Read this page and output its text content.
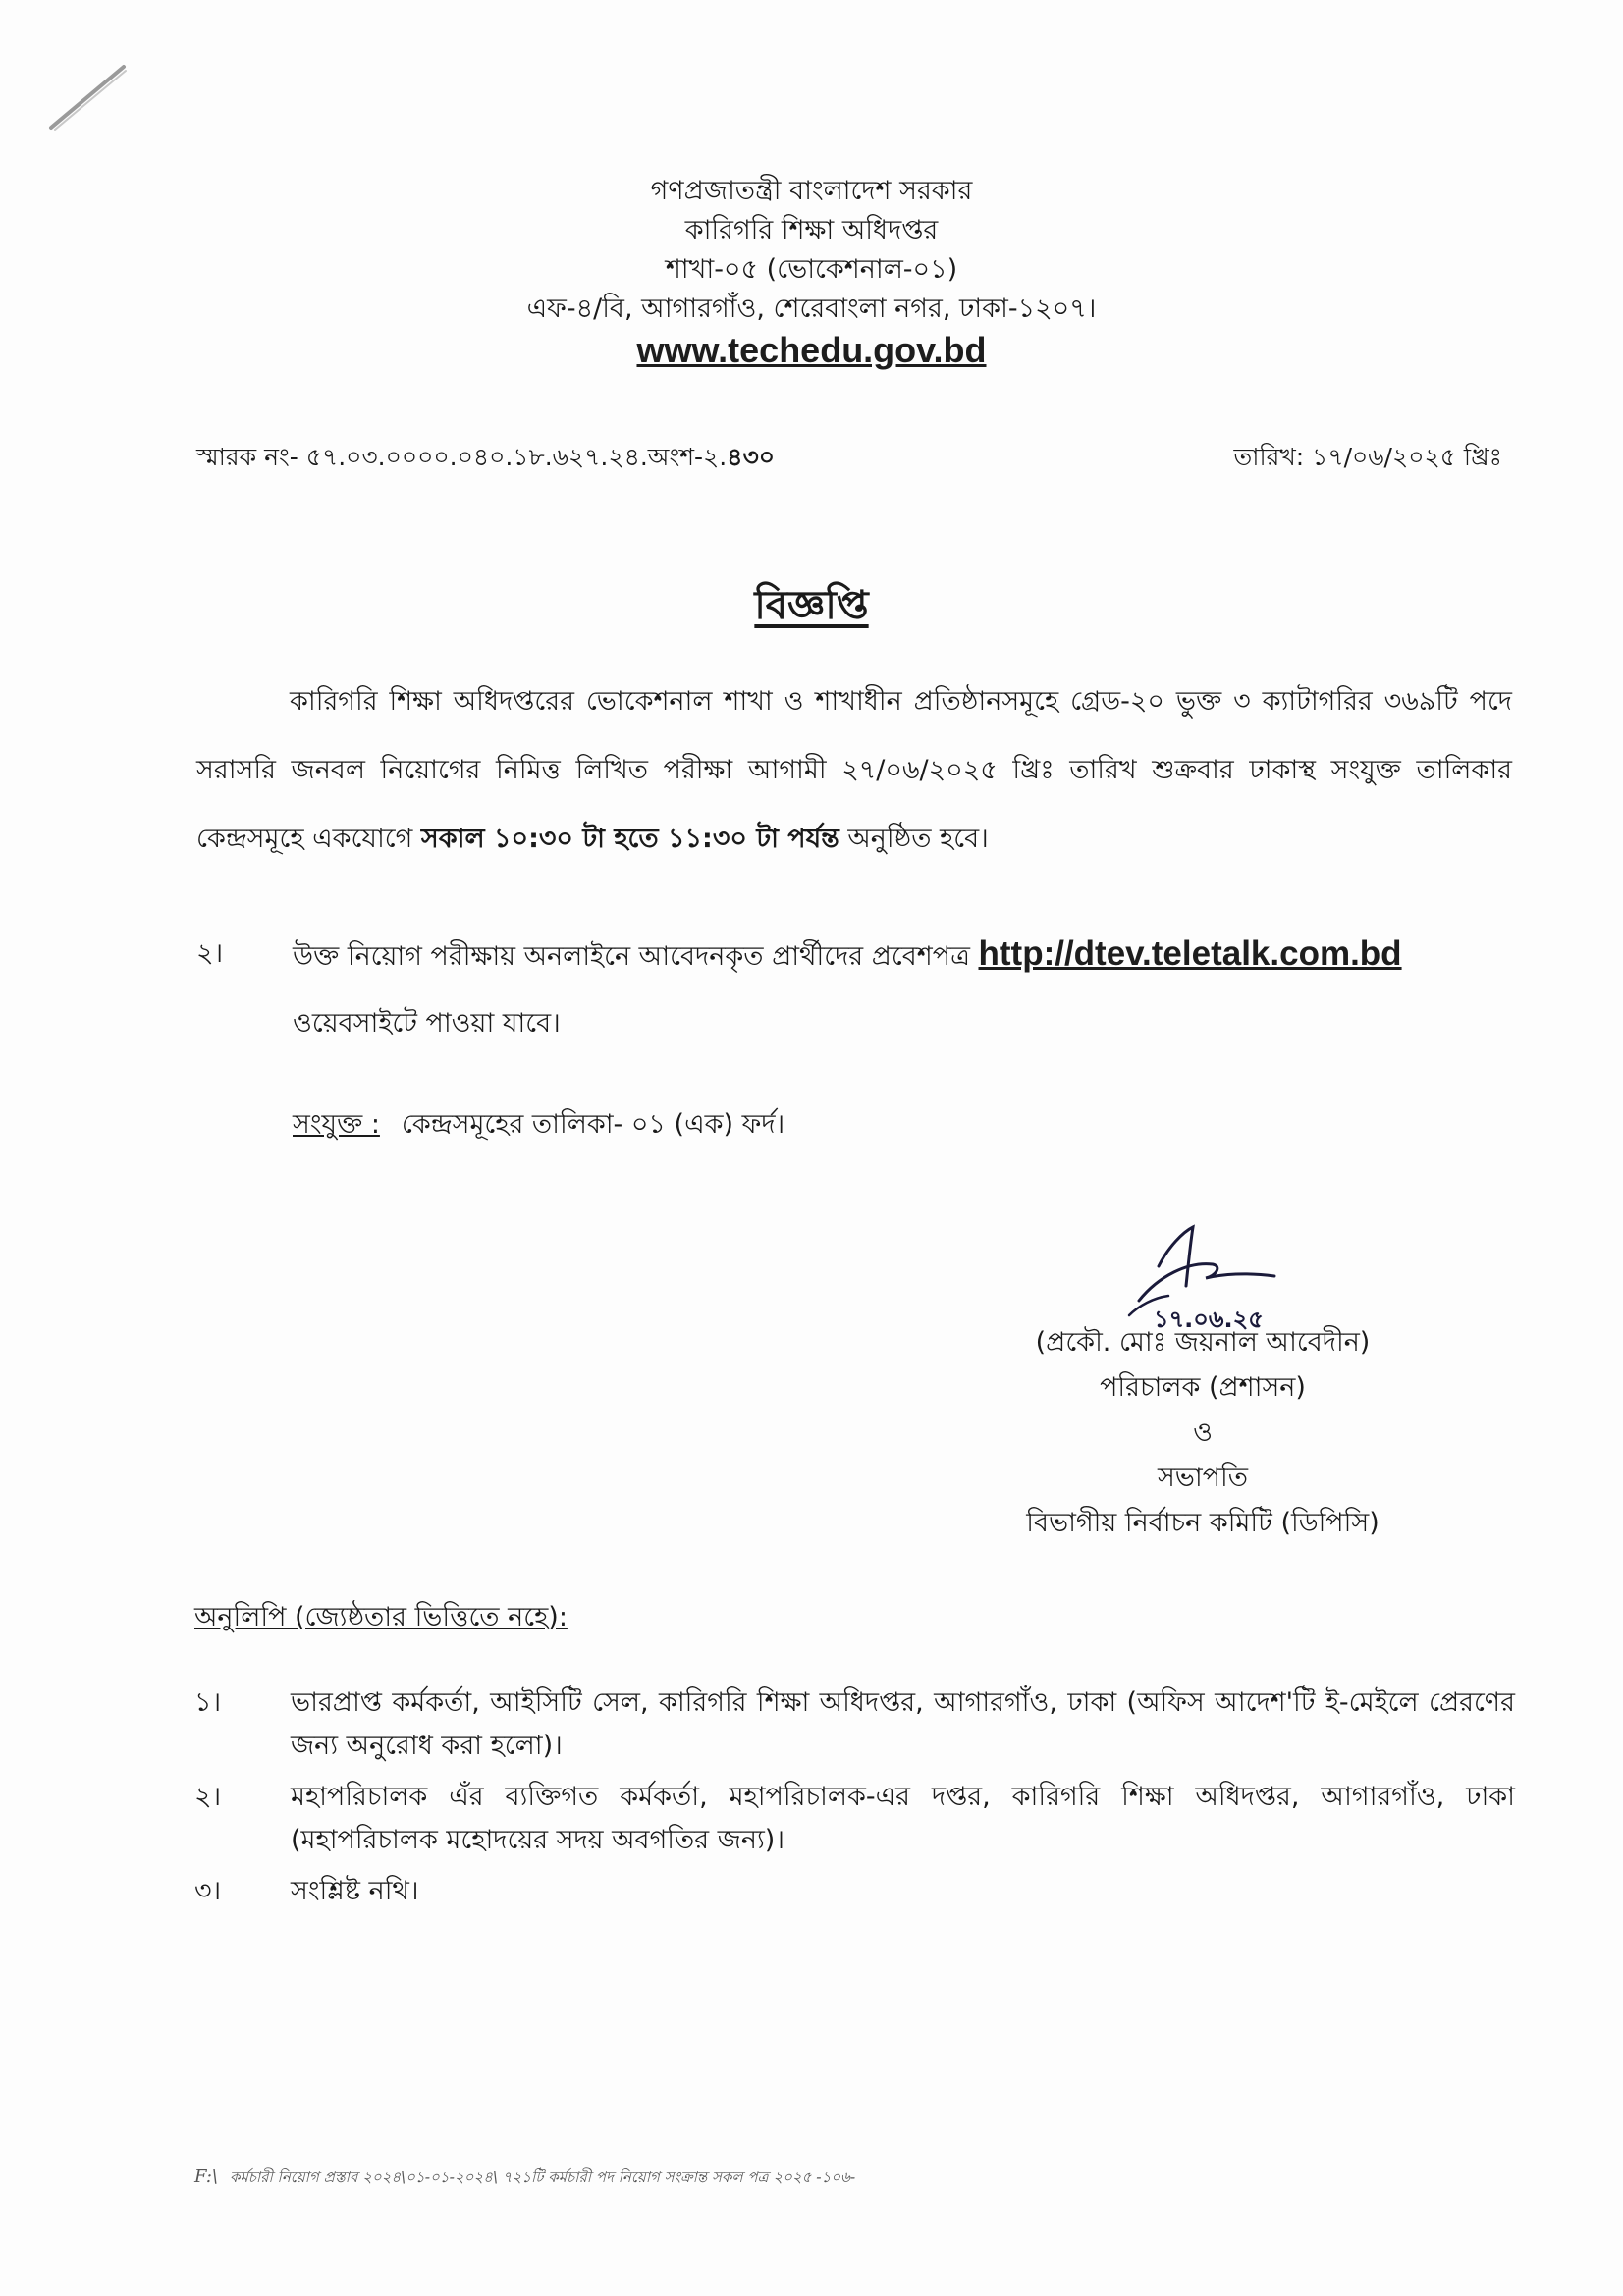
গণপ্রজাতন্ত্রী বাংলাদেশ সরকার
কারিগরি শিক্ষা অধিদপ্তর
শাখা-০৫ (ভোকেশনাল-০১)
এফ-৪/বি, আগারগাঁও, শেরেবাংলা নগর, ঢাকা-১২০৭।
www.techedu.gov.bd
স্মারক নং- ৫৭.০৩.০০০০.০৪০.১৮.৬২৭.২৪.অংশ-২.৪৩০	তারিখ: ১৭/০৬/২০২৫ খ্রিঃ
বিজ্ঞপ্তি
কারিগরি শিক্ষা অধিদপ্তরের ভোকেশনাল শাখা ও শাখাধীন প্রতিষ্ঠানসমূহে গ্রেড-২০ ভুক্ত ৩ ক্যাটাগরির ৩৬৯টি পদে সরাসরি জনবল নিয়োগের নিমিত্ত লিখিত পরীক্ষা আগামী ২৭/০৬/২০২৫ খ্রিঃ তারিখ শুক্রবার ঢাকাস্থ সংযুক্ত তালিকার কেন্দ্রসমূহে একযোগে সকাল ১০:৩০ টা হতে ১১:৩০ টা পর্যন্ত অনুষ্ঠিত হবে।
২।	উক্ত নিয়োগ পরীক্ষায় অনলাইনে আবেদনকৃত প্রার্থীদের প্রবেশপত্র http://dtev.teletalk.com.bd ওয়েবসাইটে পাওয়া যাবে।
সংযুক্ত : কেন্দ্রসমূহের তালিকা- ০১ (এক) ফর্দ।
১৭.০৬.২৫
(প্রকৌ. মোঃ জয়নাল আবেদীন)
পরিচালক (প্রশাসন)
ও
সভাপতি
বিভাগীয় নির্বাচন কমিটি (ডিপিসি)
অনুলিপি (জ্যেষ্ঠতার ভিত্তিতে নহে):
১।	ভারপ্রাপ্ত কর্মকর্তা, আইসিটি সেল, কারিগরি শিক্ষা অধিদপ্তর, আগারগাঁও, ঢাকা (অফিস আদেশ'টি ই-মেইলে প্রেরণের জন্য অনুরোধ করা হলো)।
২।	মহাপরিচালক এঁর ব্যক্তিগত কর্মকর্তা, মহাপরিচালক-এর দপ্তর, কারিগরি শিক্ষা অধিদপ্তর, আগারগাঁও, ঢাকা (মহাপরিচালক মহোদয়ের সদয় অবগতির জন্য)।
৩।	সংশ্লিষ্ট নথি।
F:\ কর্মচারী নিয়োগ প্রস্তাব ২০২৪\০১-০১-২০২৪\ ৭২১টি কর্মচারী পদ নিয়োগ সংক্রান্ত সকল পত্র ২০২৫ -১০৬-
